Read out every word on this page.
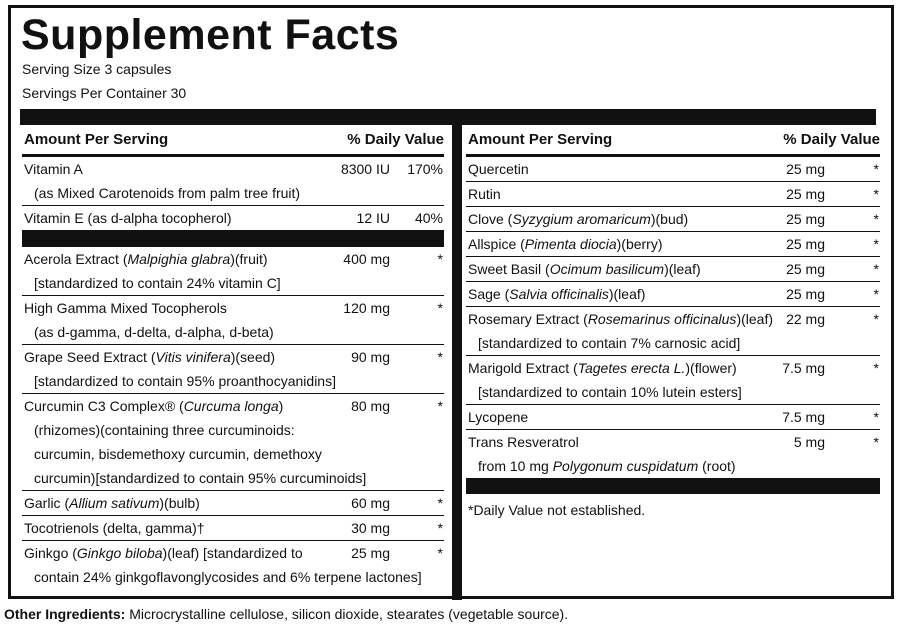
Supplement Facts
Serving Size 3 capsules
Servings Per Container 30
Amount Per Serving	% Daily Value
Vitamin A	8300 IU 170%
(as Mixed Carotenoids from palm tree fruit)
Vitamin E (as d-alpha tocopherol)	12 IU 40%
Acerola Extract (Malpighia glabra)(fruit)	400 mg	*
[standardized to contain 24% vitamin C]
High Gamma Mixed Tocopherols	120 mg	*
(as d-gamma, d-delta, d-alpha, d-beta)
Grape Seed Extract (Vitis vinifera)(seed)	90 mg	*
[standardized to contain 95% proanthocyanidins]
Curcumin C3 Complex® (Curcuma longa)	80 mg	*
(rhizomes)(containing three curcuminoids:
curcumin, bisdemethoxy curcumin, demethoxy
curcumin)[standardized to contain 95% curcuminoids]
Garlic (Allium sativum)(bulb)	60 mg	*
Tocotrienols (delta, gamma)†	30 mg	*
Ginkgo (Ginkgo biloba)(leaf) [standardized to	25 mg	*
contain 24% ginkgoflavonglycosides and 6% terpene lactones]
Amount Per Serving	% Daily Value
Quercetin	25 mg	*
Rutin	25 mg	*
Clove (Syzygium aromaricum)(bud)	25 mg	*
Allspice (Pimenta diocia)(berry)	25 mg	*
Sweet Basil (Ocimum basilicum)(leaf)	25 mg	*
Sage (Salvia officinalis)(leaf)	25 mg	*
Rosemary Extract (Rosemarinus officinalus)(leaf) 22 mg	*
[standardized to contain 7% carnosic acid]
Marigold Extract (Tagetes erecta L.)(flower)	7.5 mg	*
[standardized to contain 10% lutein esters]
Lycopene	7.5 mg	*
Trans Resveratrol	5 mg	*
from 10 mg Polygonum cuspidatum (root)
*Daily Value not established.
Other Ingredients: Microcrystalline cellulose, silicon dioxide, stearates (vegetable source).
